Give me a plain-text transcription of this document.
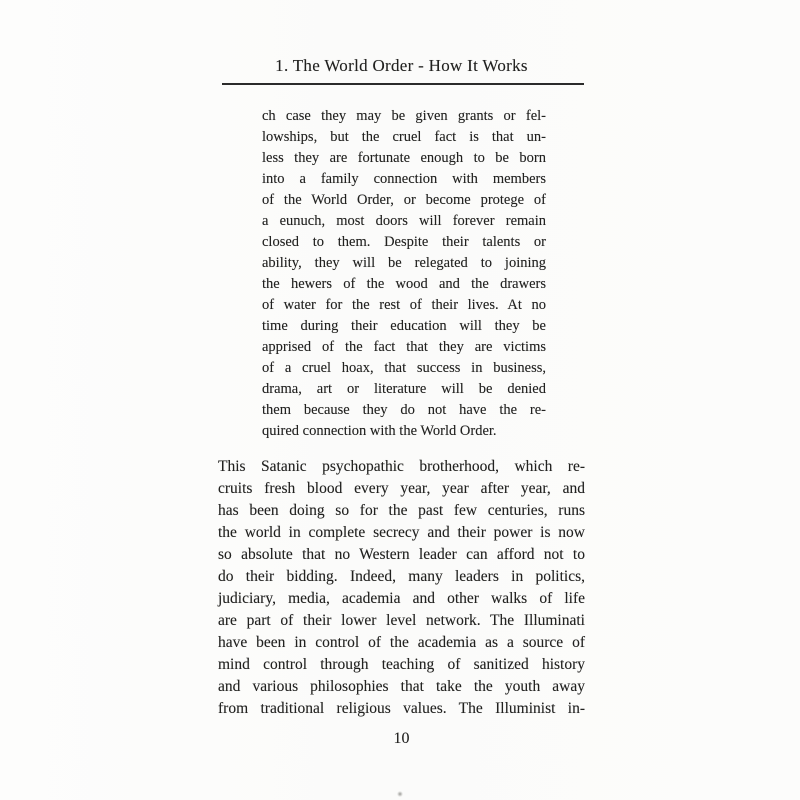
1. The World Order - How It Works
ch case they may be given grants or fel-
lowships, but the cruel fact is that un-
less they are fortunate enough to be born
into a family connection with members
of the World Order, or become protege of
a eunuch, most doors will forever remain
closed to them. Despite their talents or
ability, they will be relegated to joining
the hewers of the wood and the drawers
of water for the rest of their lives. At no
time during their education will they be
apprised of the fact that they are victims
of a cruel hoax, that success in business,
drama, art or literature will be denied
them because they do not have the re-
quired connection with the World Order.
This Satanic psychopathic brotherhood, which re-
cruits fresh blood every year, year after year, and
has been doing so for the past few centuries, runs
the world in complete secrecy and their power is now
so absolute that no Western leader can afford not to
do their bidding. Indeed, many leaders in politics,
judiciary, media, academia and other walks of life
are part of their lower level network. The Illuminati
have been in control of the academia as a source of
mind control through teaching of sanitized history
and various philosophies that take the youth away
from traditional religious values. The Illuminist in-
10
